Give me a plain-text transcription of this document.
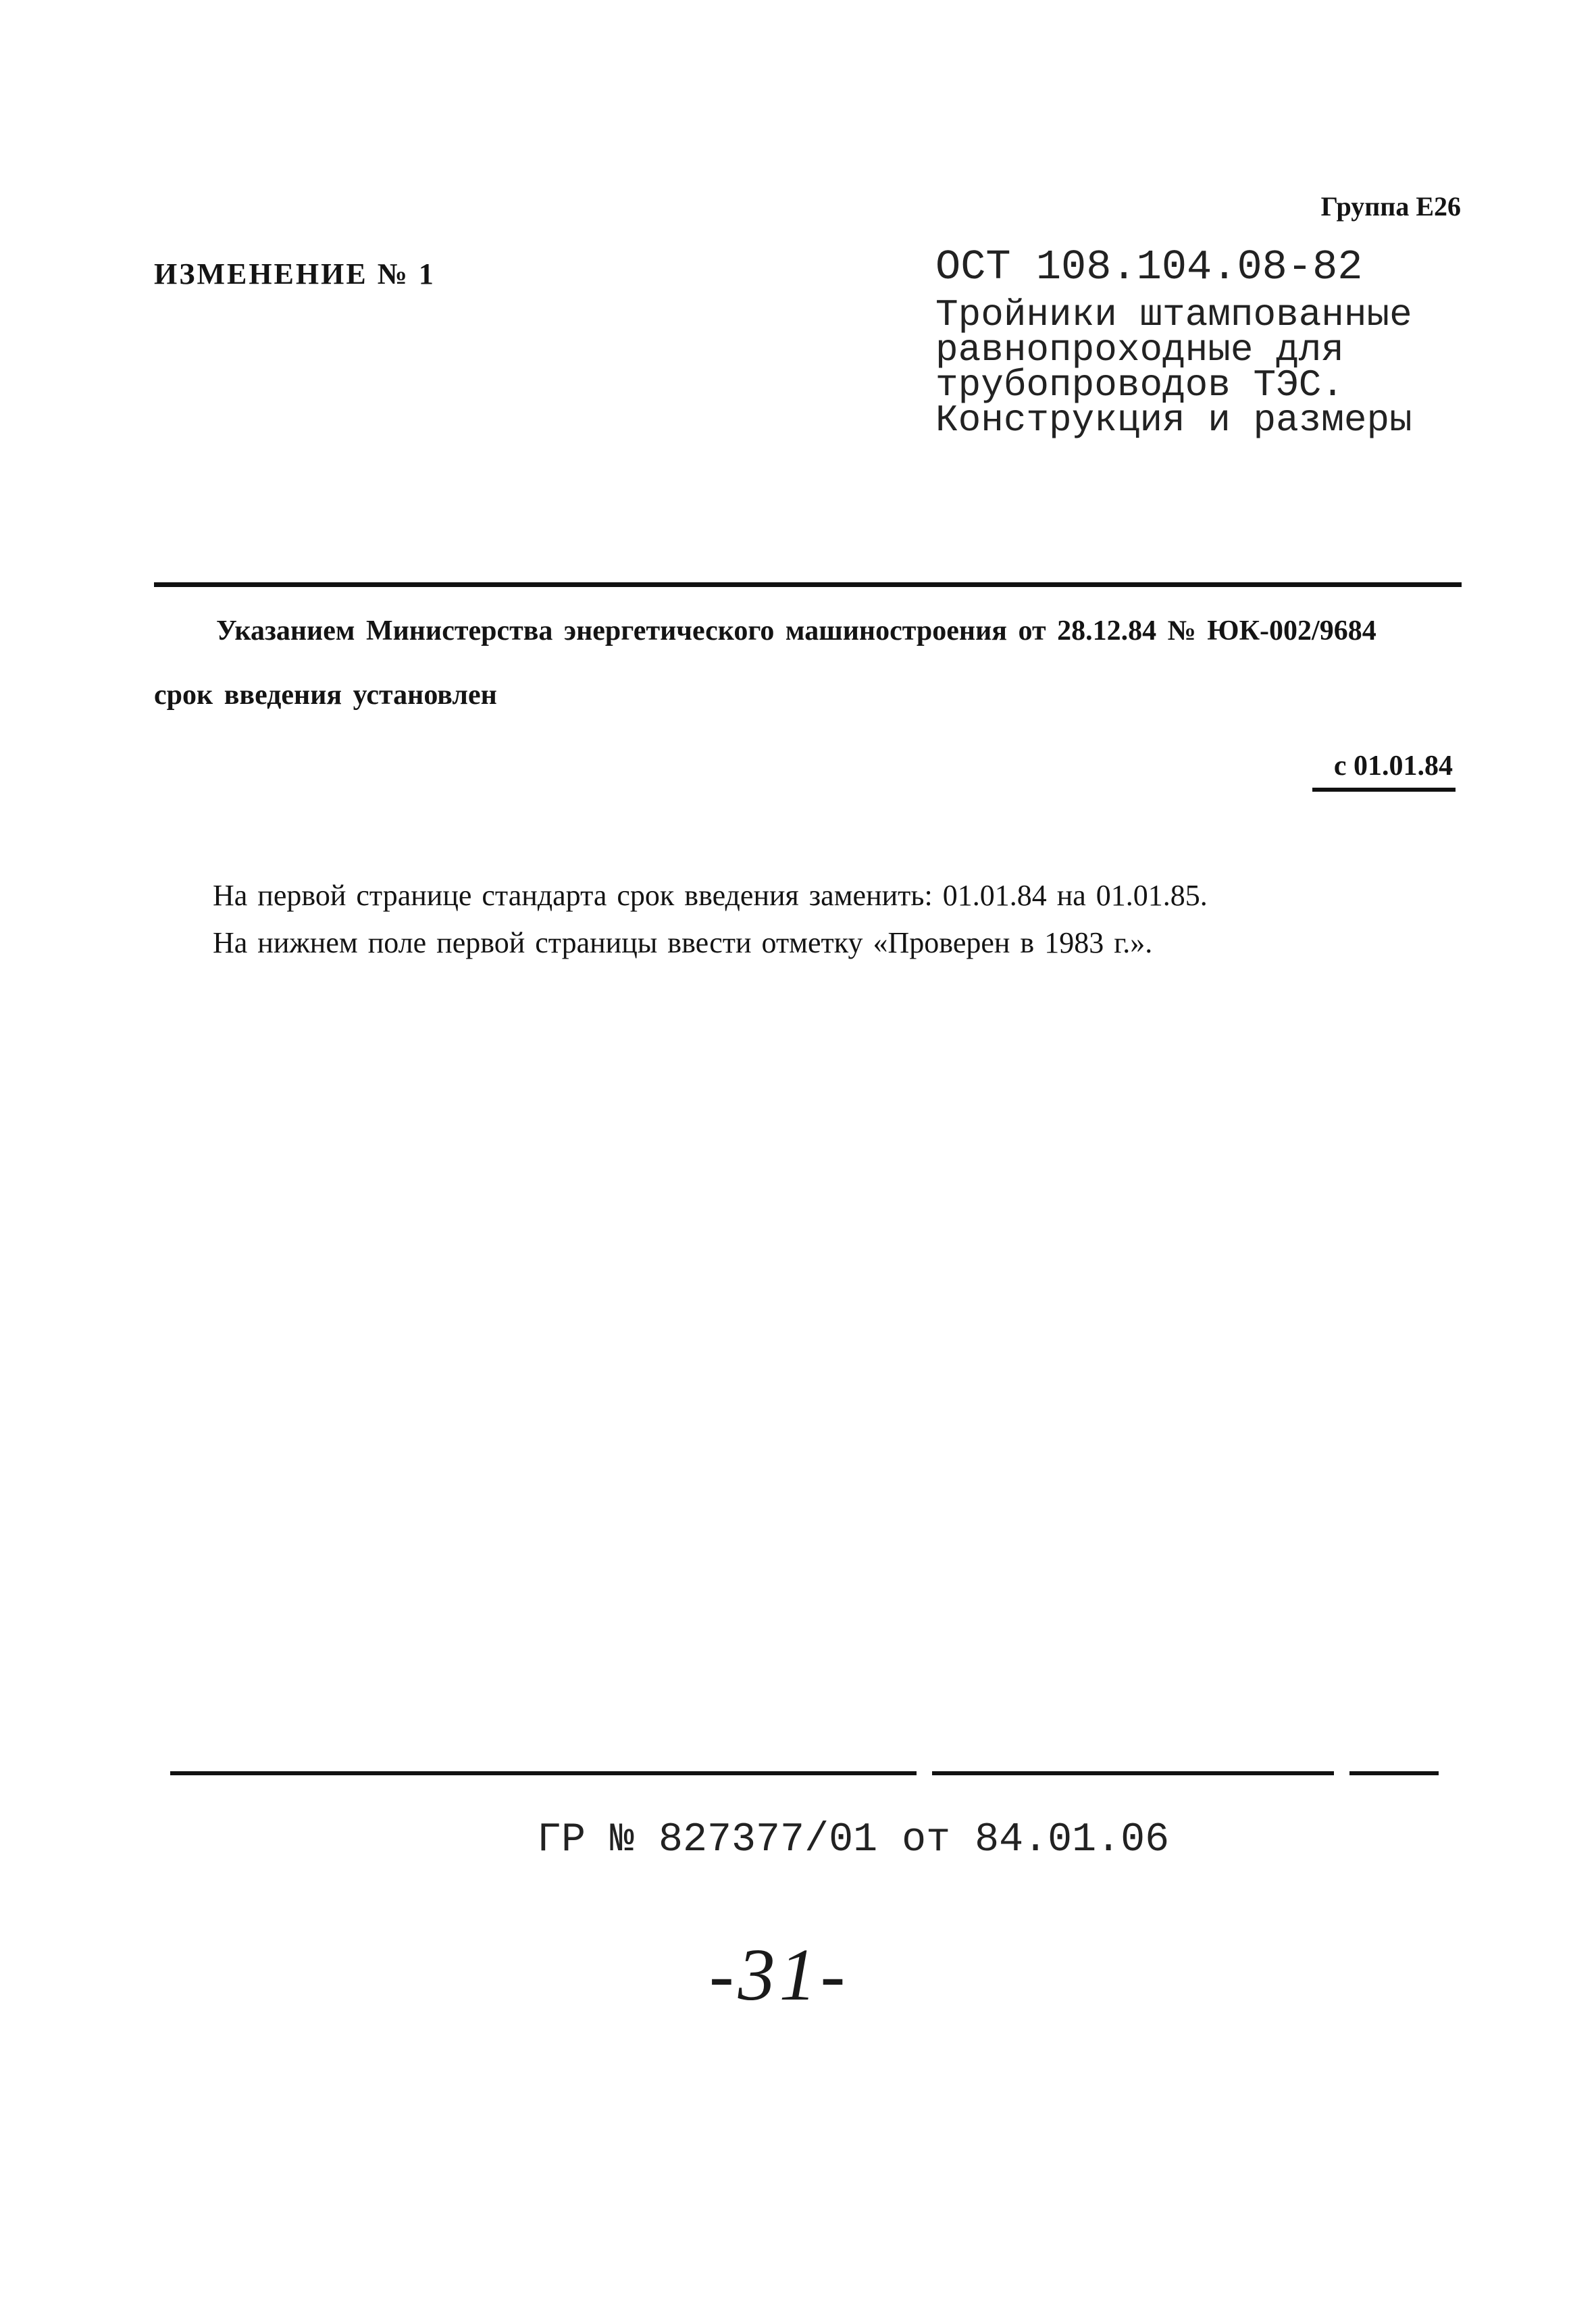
Группа Е26
ИЗМЕНЕНИЕ № 1	ОСТ 108.104.08-82
Тройники штампованные
равнопроходные для
трубопроводов ТЭС.
Конструкция и размеры
Указанием Министерства энергетического машиностроения от 28.12.84 № ЮК-002/9684
срок введения установлен
с 01.01.84
На первой странице стандарта срок введения заменить: 01.01.84 на 01.01.85.
На нижнем поле первой страницы ввести отметку «Проверен в 1983 г.».
ГР № 827377/01 от 84.01.06
-31-
